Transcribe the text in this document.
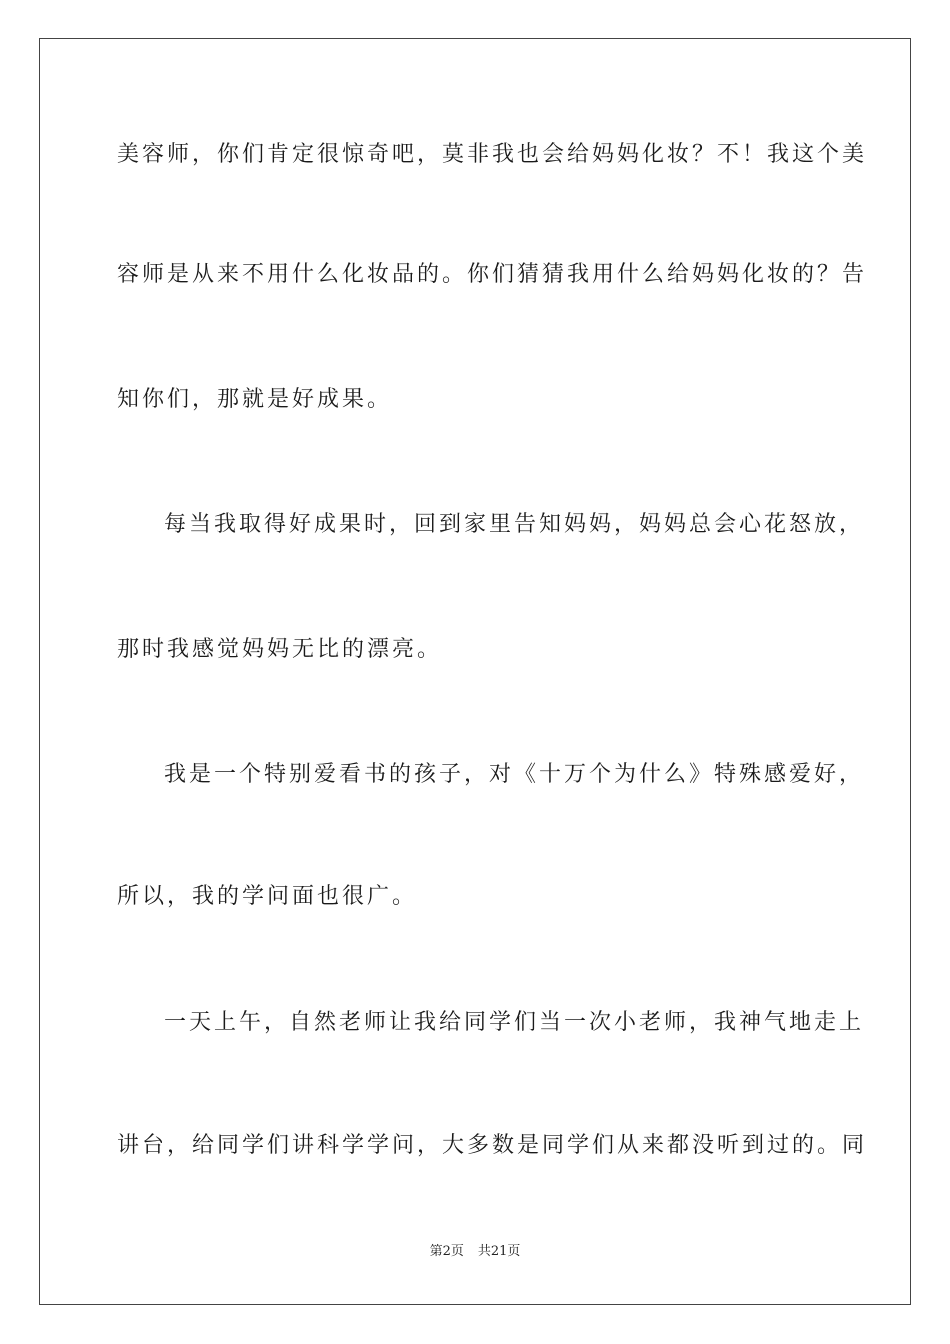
美容师，你们肯定很惊奇吧，莫非我也会给妈妈化妆？不！我这个美
容师是从来不用什么化妆品的。你们猜猜我用什么给妈妈化妆的？告
知你们，那就是好成果。
每当我取得好成果时，回到家里告知妈妈，妈妈总会心花怒放，
那时我感觉妈妈无比的漂亮。
我是一个特别爱看书的孩子，对《十万个为什么》特殊感爱好，
所以，我的学问面也很广。
一天上午，自然老师让我给同学们当一次小老师，我神气地走上
讲台，给同学们讲科学学问，大多数是同学们从来都没听到过的。同
第2页 共21页
